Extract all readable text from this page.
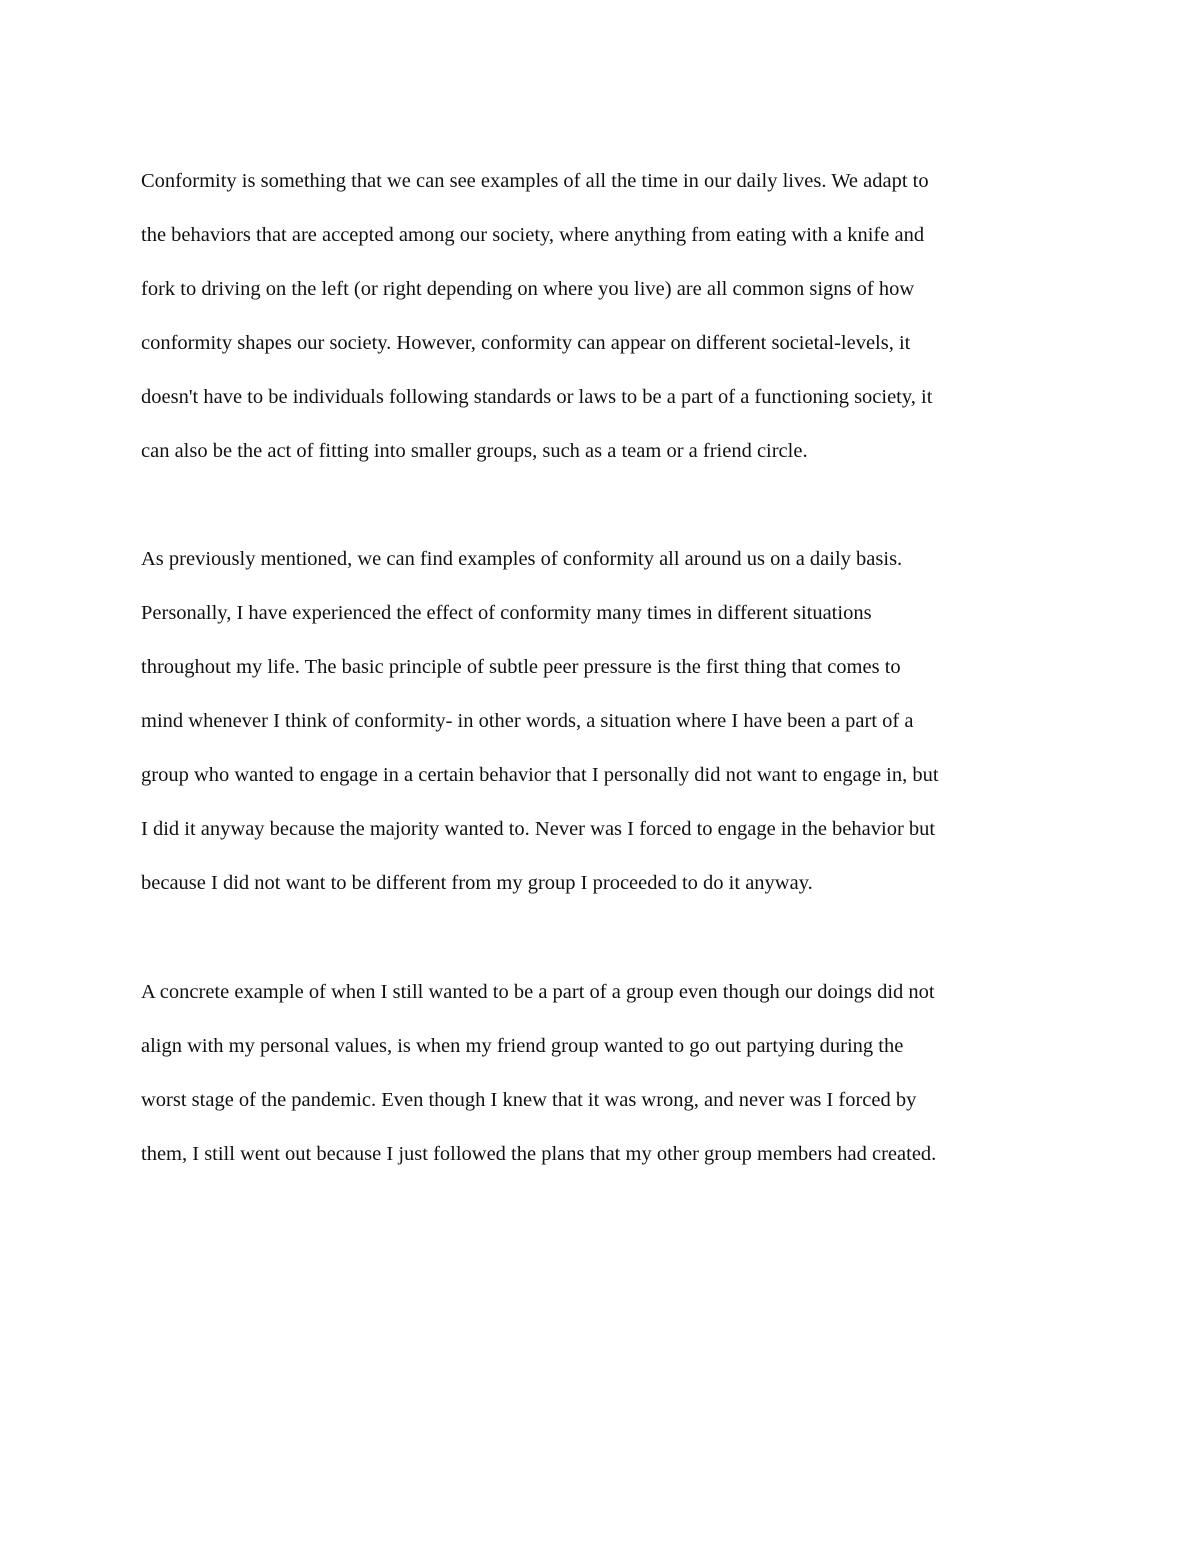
Conformity is something that we can see examples of all the time in our daily lives. We adapt to
the behaviors that are accepted among our society, where anything from eating with a knife and
fork to driving on the left (or right depending on where you live) are all common signs of how
conformity shapes our society. However, conformity can appear on different societal-levels, it
doesn't have to be individuals following standards or laws to be a part of a functioning society, it
can also be the act of fitting into smaller groups, such as a team or a friend circle.
As previously mentioned, we can find examples of conformity all around us on a daily basis.
Personally, I have experienced the effect of conformity many times in different situations
throughout my life. The basic principle of subtle peer pressure is the first thing that comes to
mind whenever I think of conformity- in other words, a situation where I have been a part of a
group who wanted to engage in a certain behavior that I personally did not want to engage in, but
I did it anyway because the majority wanted to. Never was I forced to engage in the behavior but
because I did not want to be different from my group I proceeded to do it anyway.
A concrete example of when I still wanted to be a part of a group even though our doings did not
align with my personal values, is when my friend group wanted to go out partying during the
worst stage of the pandemic. Even though I knew that it was wrong, and never was I forced by
them, I still went out because I just followed the plans that my other group members had created.
